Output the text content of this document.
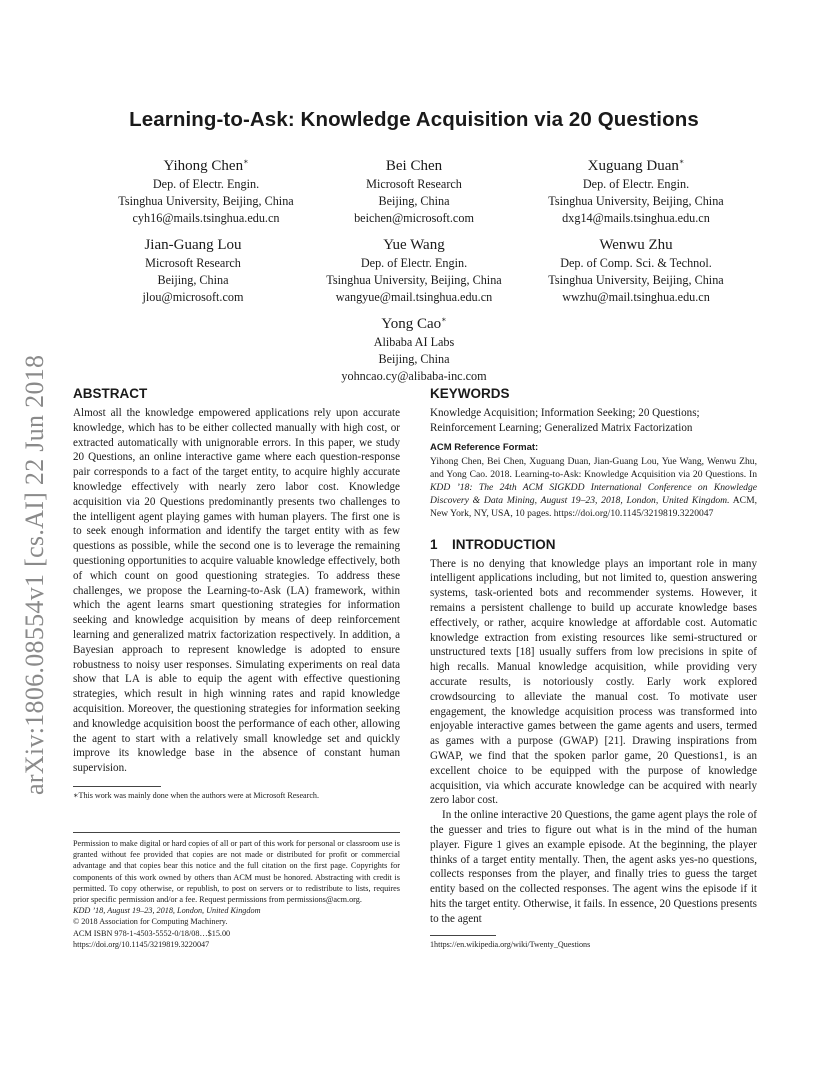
Learning-to-Ask: Knowledge Acquisition via 20 Questions
Yihong Chen∗
Dep. of Electr. Engin.
Tsinghua University, Beijing, China
cyh16@mails.tsinghua.edu.cn
Bei Chen
Microsoft Research
Beijing, China
beichen@microsoft.com
Xuguang Duan∗
Dep. of Electr. Engin.
Tsinghua University, Beijing, China
dxg14@mails.tsinghua.edu.cn
Jian-Guang Lou
Microsoft Research
Beijing, China
jlou@microsoft.com
Yue Wang
Dep. of Electr. Engin.
Tsinghua University, Beijing, China
wangyue@mail.tsinghua.edu.cn
Wenwu Zhu
Dep. of Comp. Sci. & Technol.
Tsinghua University, Beijing, China
wwzhu@mail.tsinghua.edu.cn
Yong Cao∗
Alibaba AI Labs
Beijing, China
yohncao.cy@alibaba-inc.com
arXiv:1806.08554v1 [cs.AI] 22 Jun 2018 ABSTRACT

Almost all the knowledge empowered applications rely upon accurate knowledge, which has to be either collected manually with high cost, or extracted automatically with unignorable errors. In this paper, we study 20 Questions, an online interactive game where each question-response pair corresponds to a fact of the target entity, to acquire highly accurate knowledge effectively with nearly zero labor cost. Knowledge acquisition via 20 Questions predominantly presents two challenges to the intelligent agent playing games with human players. The first one is to seek enough information and identify the target entity with as few questions as possible, while the second one is to leverage the remaining questioning opportunities to acquire valuable knowledge effectively, both of which count on good questioning strategies. To address these challenges, we propose the Learning-to-Ask (LA) framework, within which the agent learns smart questioning strategies for information seeking and knowledge acquisition by means of deep reinforcement learning and generalized matrix factorization respectively. In addition, a Bayesian approach to represent knowledge is adopted to ensure robustness to noisy user responses. Simulating experiments on real data show that LA is able to equip the agent with effective questioning strategies, which result in high winning rates and rapid knowledge acquisition. Moreover, the questioning strategies for information seeking and knowledge acquisition boost the performance of each other, allowing the agent to start with a relatively small knowledge set and quickly improve its knowledge base in the absence of constant human supervision.

∗This work was mainly done when the authors were at Microsoft Research.
Permission to make digital or hard copies of all or part of this work for personal or classroom use is granted without fee provided that copies are not made or distributed for profit or commercial advantage and that copies bear this notice and the full citation on the first page. Copyrights for components of this work owned by others than ACM must be honored. Abstracting with credit is permitted. To copy otherwise, or republish, to post on servers or to redistribute to lists, requires prior specific permission and/or a fee. Request permissions from permissions@acm.org.
KDD ’18, August 19–23, 2018, London, United Kingdom
© 2018 Association for Computing Machinery.
ACM ISBN 978-1-4503-5552-0/18/08…$15.00
https://doi.org/10.1145/3219819.3220047
KEYWORDS

Knowledge Acquisition; Information Seeking; 20 Questions; Reinforcement Learning; Generalized Matrix Factorization

ACM Reference Format:

Yihong Chen, Bei Chen, Xuguang Duan, Jian-Guang Lou, Yue Wang, Wenwu Zhu, and Yong Cao. 2018. Learning-to-Ask: Knowledge Acquisition via 20 Questions. In KDD ’18: The 24th ACM SIGKDD International Conference on Knowledge Discovery & Data Mining, August 19–23, 2018, London, United Kingdom. ACM, New York, NY, USA, 10 pages. https://doi.org/10.1145/3219819.3220047

1 INTRODUCTION

There is no denying that knowledge plays an important role in many intelligent applications including, but not limited to, question answering systems, task-oriented bots and recommender systems. However, it remains a persistent challenge to build up accurate knowledge bases effectively, or rather, acquire knowledge at affordable cost. Automatic knowledge extraction from existing resources like semi-structured or unstructured texts [18] usually suffers from low precisions in spite of high recalls. Manual knowledge acquisition, while providing very accurate results, is notoriously costly. Early work explored crowdsourcing to alleviate the manual cost. To motivate user engagement, the knowledge acquisition process was transformed into enjoyable interactive games between the game agents and users, termed as games with a purpose (GWAP) [21]. Drawing inspirations from GWAP, we find that the spoken parlor game, 20 Questions1, is an excellent choice to be equipped with the purpose of knowledge acquisition, via which accurate knowledge can be acquired with nearly zero labor cost.

In the online interactive 20 Questions, the game agent plays the role of the guesser and tries to figure out what is in the mind of the human player. Figure 1 gives an example episode. At the beginning, the player thinks of a target entity mentally. Then, the agent asks yes-no questions, collects responses from the player, and finally tries to guess the target entity based on the collected responses. The agent wins the episode if it hits the target entity. Otherwise, it fails. In essence, 20 Questions presents to the agent

1https://en.wikipedia.org/wiki/Twenty_Questions
